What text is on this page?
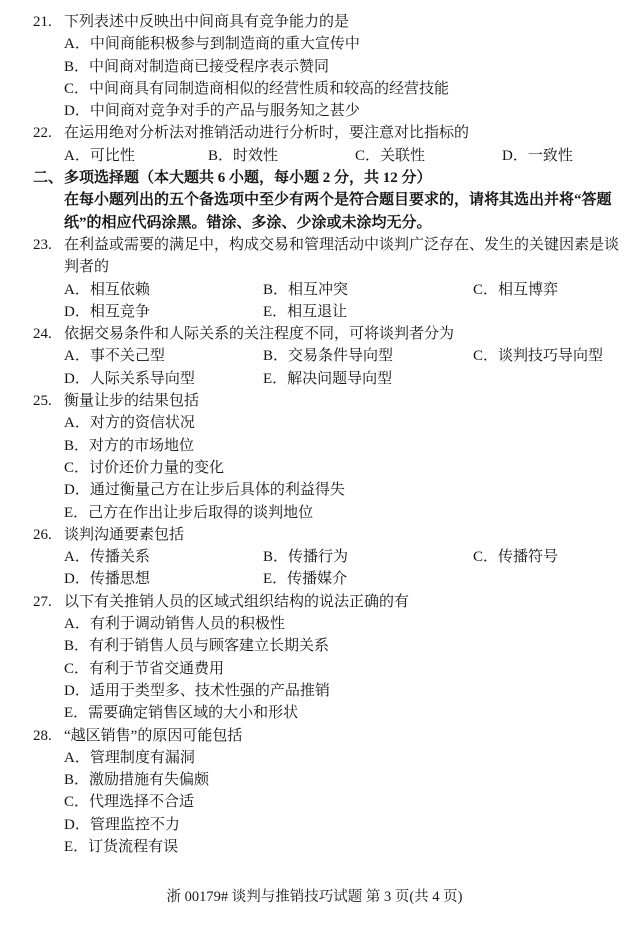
21. 下列表述中反映出中间商具有竞争能力的是
A．中间商能积极参与到制造商的重大宣传中
B．中间商对制造商已接受程序表示赞同
C．中间商具有同制造商相似的经营性质和较高的经营技能
D．中间商对竞争对手的产品与服务知之甚少
22. 在运用绝对分析法对推销活动进行分析时，要注意对比指标的
A．可比性	B．时效性	C．关联性	D．一致性
二、多项选择题（本大题共 6 小题，每小题 2 分，共 12 分）
在每小题列出的五个备选项中至少有两个是符合题目要求的，请将其选出并将“答题
纸”的相应代码涂黑。错涂、多涂、少涂或未涂均无分。
23. 在利益或需要的满足中，构成交易和管理活动中谈判广泛存在、发生的关键因素是谈
判者的
A．相互依赖	B．相互冲突	C．相互博弈
D．相互竞争	E．相互退让
24. 依据交易条件和人际关系的关注程度不同，可将谈判者分为
A．事不关己型	B．交易条件导向型	C．谈判技巧导向型
D．人际关系导向型	E．解决问题导向型
25. 衡量让步的结果包括
A．对方的资信状况
B．对方的市场地位
C．讨价还价力量的变化
D．通过衡量己方在让步后具体的利益得失
E．己方在作出让步后取得的谈判地位
26. 谈判沟通要素包括
A．传播关系	B．传播行为	C．传播符号
D．传播思想	E．传播媒介
27. 以下有关推销人员的区域式组织结构的说法正确的有
A．有利于调动销售人员的积极性
B．有利于销售人员与顾客建立长期关系
C．有利于节省交通费用
D．适用于类型多、技术性强的产品推销
E．需要确定销售区域的大小和形状
28. “越区销售”的原因可能包括
A．管理制度有漏洞
B．激励措施有失偏颇
C．代理选择不合适
D．管理监控不力
E．订货流程有误
浙 00179# 谈判与推销技巧试题 第 3 页(共 4 页)
